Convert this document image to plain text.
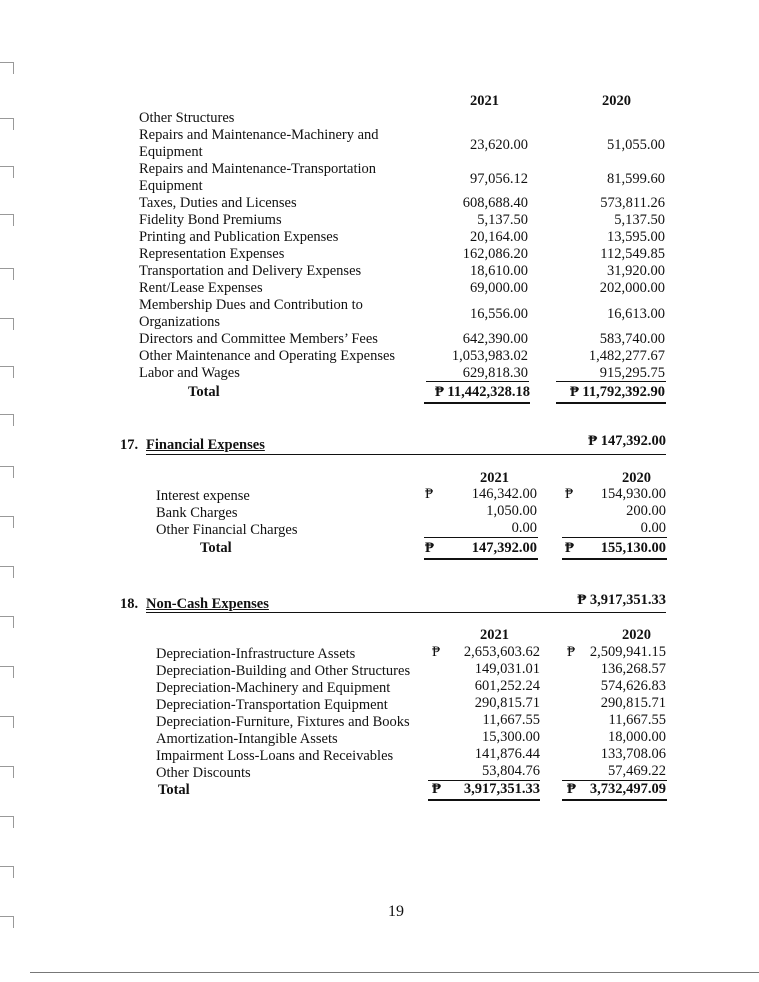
2021	2020
Other Structures
Repairs and Maintenance-Machinery and Equipment	23,620.00	51,055.00
Repairs and Maintenance-Transportation Equipment	97,056.12	81,599.60
Taxes, Duties and Licenses	608,688.40	573,811.26
Fidelity Bond Premiums	5,137.50	5,137.50
Printing and Publication Expenses	20,164.00	13,595.00
Representation Expenses	162,086.20	112,549.85
Transportation and Delivery Expenses	18,610.00	31,920.00
Rent/Lease Expenses	69,000.00	202,000.00
Membership Dues and Contribution to Organizations	16,556.00	16,613.00
Directors and Committee Members’ Fees	642,390.00	583,740.00
Other Maintenance and Operating Expenses	1,053,983.02	1,482,277.67
Labor and Wages	629,818.30	915,295.75
Total	₱ 11,442,328.18	₱ 11,792,392.90
17. Financial Expenses	₱ 147,392.00
2021	2020
Interest expense	₱	146,342.00 ₱	154,930.00
Bank Charges	1,050.00	200.00
Other Financial Charges	0.00	0.00
Total	₱	147,392.00 ₱	155,130.00
18. Non-Cash Expenses	₱ 3,917,351.33
2021	2020
Depreciation-Infrastructure Assets	₱	2,653,603.62 ₱	2,509,941.15
Depreciation-Building and Other Structures	149,031.01	136,268.57
Depreciation-Machinery and Equipment	601,252.24	574,626.83
Depreciation-Transportation Equipment	290,815.71	290,815.71
Depreciation-Furniture, Fixtures and Books	11,667.55	11,667.55
Amortization-Intangible Assets	15,300.00	18,000.00
Impairment Loss-Loans and Receivables	141,876.44	133,708.06
Other Discounts	53,804.76	57,469.22
Total	₱	3,917,351.33 ₱ 3,732,497.09
19
